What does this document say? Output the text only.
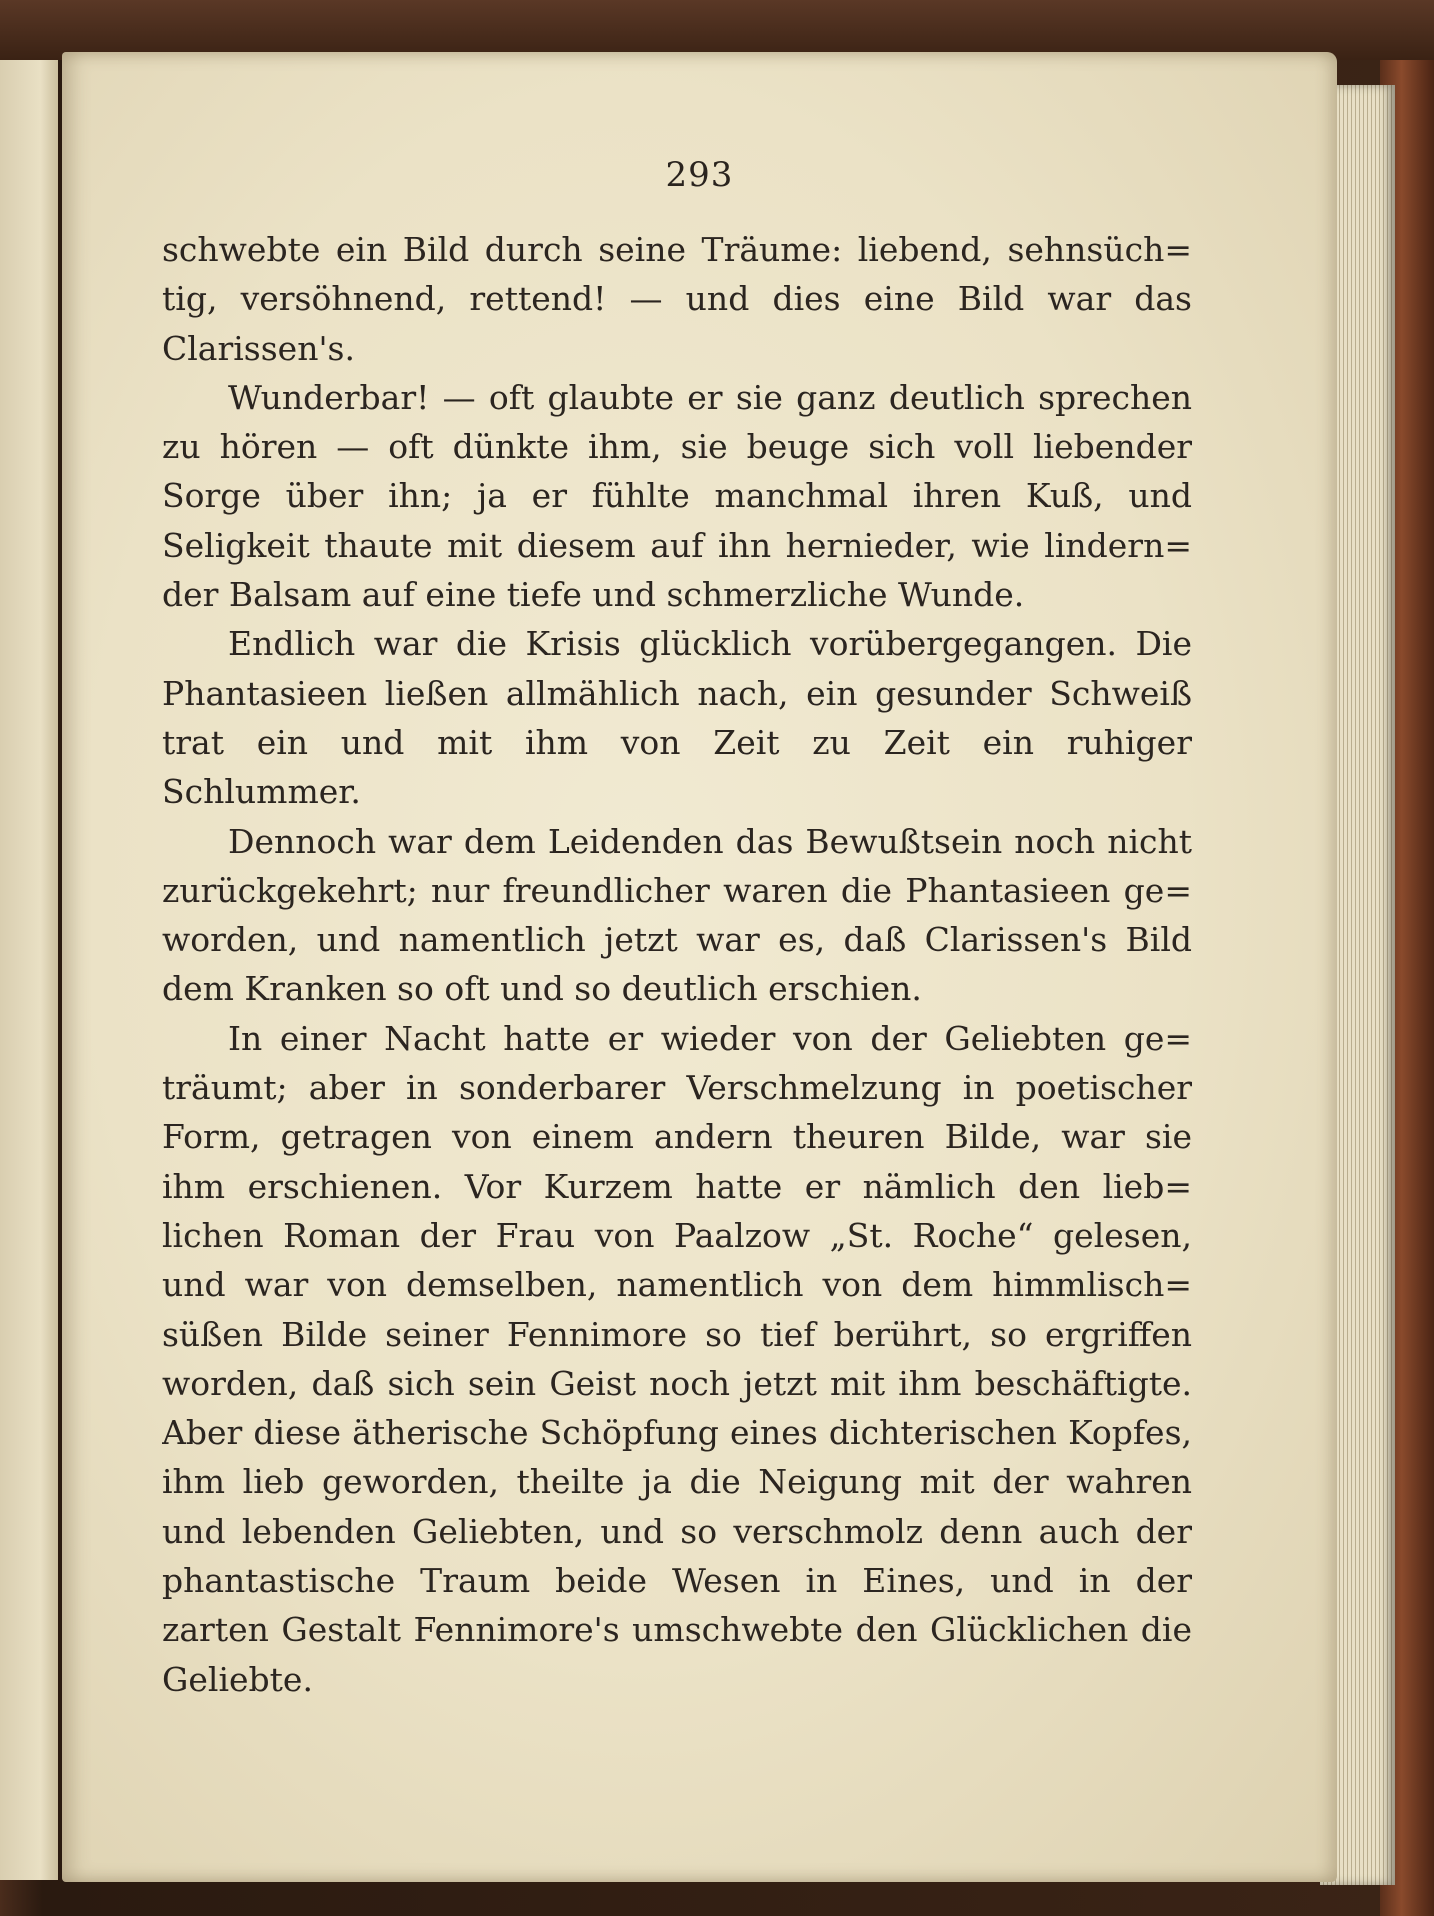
293
schwebte ein Bild durch seine Träume: liebend, sehnsüch=
tig, versöhnend, rettend! — und dies eine Bild war das
Clarissen's.
Wunderbar! — oft glaubte er sie ganz deutlich sprechen
zu hören — oft dünkte ihm, sie beuge sich voll liebender
Sorge über ihn; ja er fühlte manchmal ihren Kuß, und
Seligkeit thaute mit diesem auf ihn hernieder, wie lindern=
der Balsam auf eine tiefe und schmerzliche Wunde.
Endlich war die Krisis glücklich vorübergegangen. Die
Phantasieen ließen allmählich nach, ein gesunder Schweiß
trat ein und mit ihm von Zeit zu Zeit ein ruhiger
Schlummer.
Dennoch war dem Leidenden das Bewußtsein noch nicht
zurückgekehrt; nur freundlicher waren die Phantasieen ge=
worden, und namentlich jetzt war es, daß Clarissen's Bild
dem Kranken so oft und so deutlich erschien.
In einer Nacht hatte er wieder von der Geliebten ge=
träumt; aber in sonderbarer Verschmelzung in poetischer
Form, getragen von einem andern theuren Bilde, war sie
ihm erschienen. Vor Kurzem hatte er nämlich den lieb=
lichen Roman der Frau von Paalzow „St. Roche“ gelesen,
und war von demselben, namentlich von dem himmlisch=
süßen Bilde seiner Fennimore so tief berührt, so ergriffen
worden, daß sich sein Geist noch jetzt mit ihm beschäftigte.
Aber diese ätherische Schöpfung eines dichterischen Kopfes,
ihm lieb geworden, theilte ja die Neigung mit der wahren
und lebenden Geliebten, und so verschmolz denn auch der
phantastische Traum beide Wesen in Eines, und in der
zarten Gestalt Fennimore's umschwebte den Glücklichen die
Geliebte.
